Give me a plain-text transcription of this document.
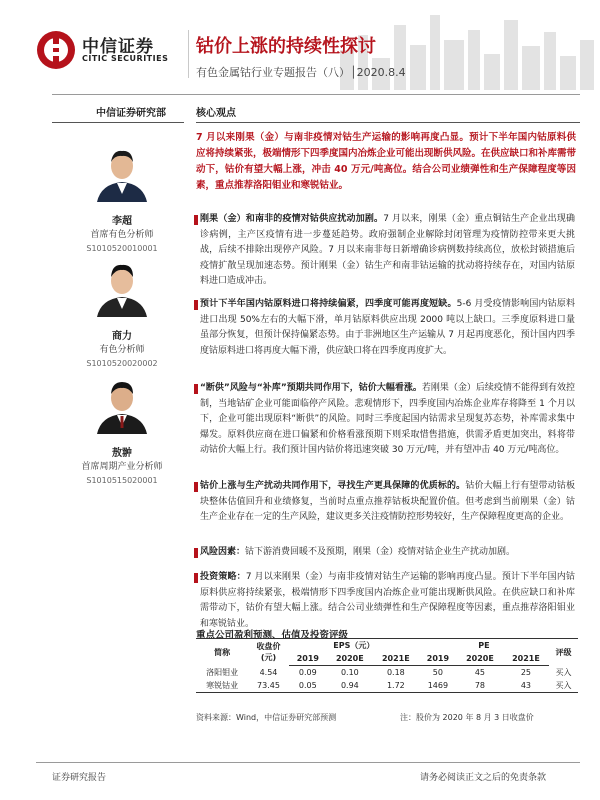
中信证券
CITIC SECURITIES
钴价上涨的持续性探讨
有色金属钴行业专题报告（八）│2020.8.4
中信证券研究部
李超
首席有色分析师
S1010520010001
商力
有色分析师
S1010520020002
敖翀
首席周期产业分析师
S1010515020001
核心观点
7 月以来刚果（金）与南非疫情对钴生产运输的影响再度凸显。预计下半年国内钴原料供应将持续紧张，极端情形下四季度国内冶炼企业可能出现断供风险。在供应缺口和补库需带动下，钴价有望大幅上涨，冲击 40 万元/吨高位。结合公司业绩弹性和生产保障程度等因素，重点推荐洛阳钼业和寒锐钴业。
刚果（金）和南非的疫情对钴供应扰动加剧。7 月以来，刚果（金）重点铜钴生产企业出现确诊病例，主产区疫情有进一步蔓延趋势。政府强制企业解除封闭管理为疫情防控带来更大挑战，后续不排除出现停产风险。7 月以来南非每日新增确诊病例数持续高位，放松封锁措施后疫情扩散呈现加速态势。预计刚果（金）钴生产和南非钴运输的扰动将持续存在，对国内钴原料进口造成冲击。
预计下半年国内钴原料进口将持续偏紧，四季度可能再度短缺。5-6 月受疫情影响国内钴原料进口出现 50%左右的大幅下滑，单月钴原料供应出现 2000 吨以上缺口。三季度原料进口量虽部分恢复，但预计保持偏紧态势。由于非洲地区生产运输从 7 月起再度恶化，预计国内四季度钴原料进口将再度大幅下滑，供应缺口将在四季度再度扩大。
“断供”风险与“补库”预期共同作用下，钴价大幅看涨。若刚果（金）后续疫情不能得到有效控制，当地钴矿企业可能面临停产风险。悲观情形下，四季度国内冶炼企业库存将降至 1 个月以下，企业可能出现原料“断供”的风险。同时三季度起国内钴需求呈现复苏态势，补库需求集中爆发。原料供应商在进口偏紧和价格看涨预期下则采取惜售措施，供需矛盾更加突出，料将带动钴价大幅上行。我们预计国内钴价将迅速突破 30 万元/吨，并有望冲击 40 万元/吨高位。
钴价上涨与生产扰动共同作用下，寻找生产更具保障的优质标的。钴价大幅上行有望带动钴板块整体估值回升和业绩修复，当前时点重点推荐钴板块配置价值。但考虑到当前刚果（金）钴生产企业存在一定的生产风险，建议更多关注疫情防控形势较好，生产保障程度更高的企业。
风险因素：钴下游消费回暖不及预期，刚果（金）疫情对钴企业生产扰动加剧。
投资策略：7 月以来刚果（金）与南非疫情对钴生产运输的影响再度凸显。预计下半年国内钴原料供应将持续紧张，极端情形下四季度国内冶炼企业可能出现断供风险。在供应缺口和补库需带动下，钴价有望大幅上涨。结合公司业绩弹性和生产保障程度等因素，重点推荐洛阳钼业和寒锐钴业。
重点公司盈利预测、估值及投资评级
简称	收盘价
(元)	EPS（元）			PE			评级
		2019	2020E	2021E	2019	2020E	2021E	
洛阳钼业	4.54	0.09	0.10	0.18	50	45	25	买入
寒锐钴业	73.45	0.05	0.94	1.72	1469	78	43	买入
资料来源：Wind，中信证券研究部预测	注：股价为 2020 年 8 月 3 日收盘价
证券研究报告	请务必阅读正文之后的免责条款
